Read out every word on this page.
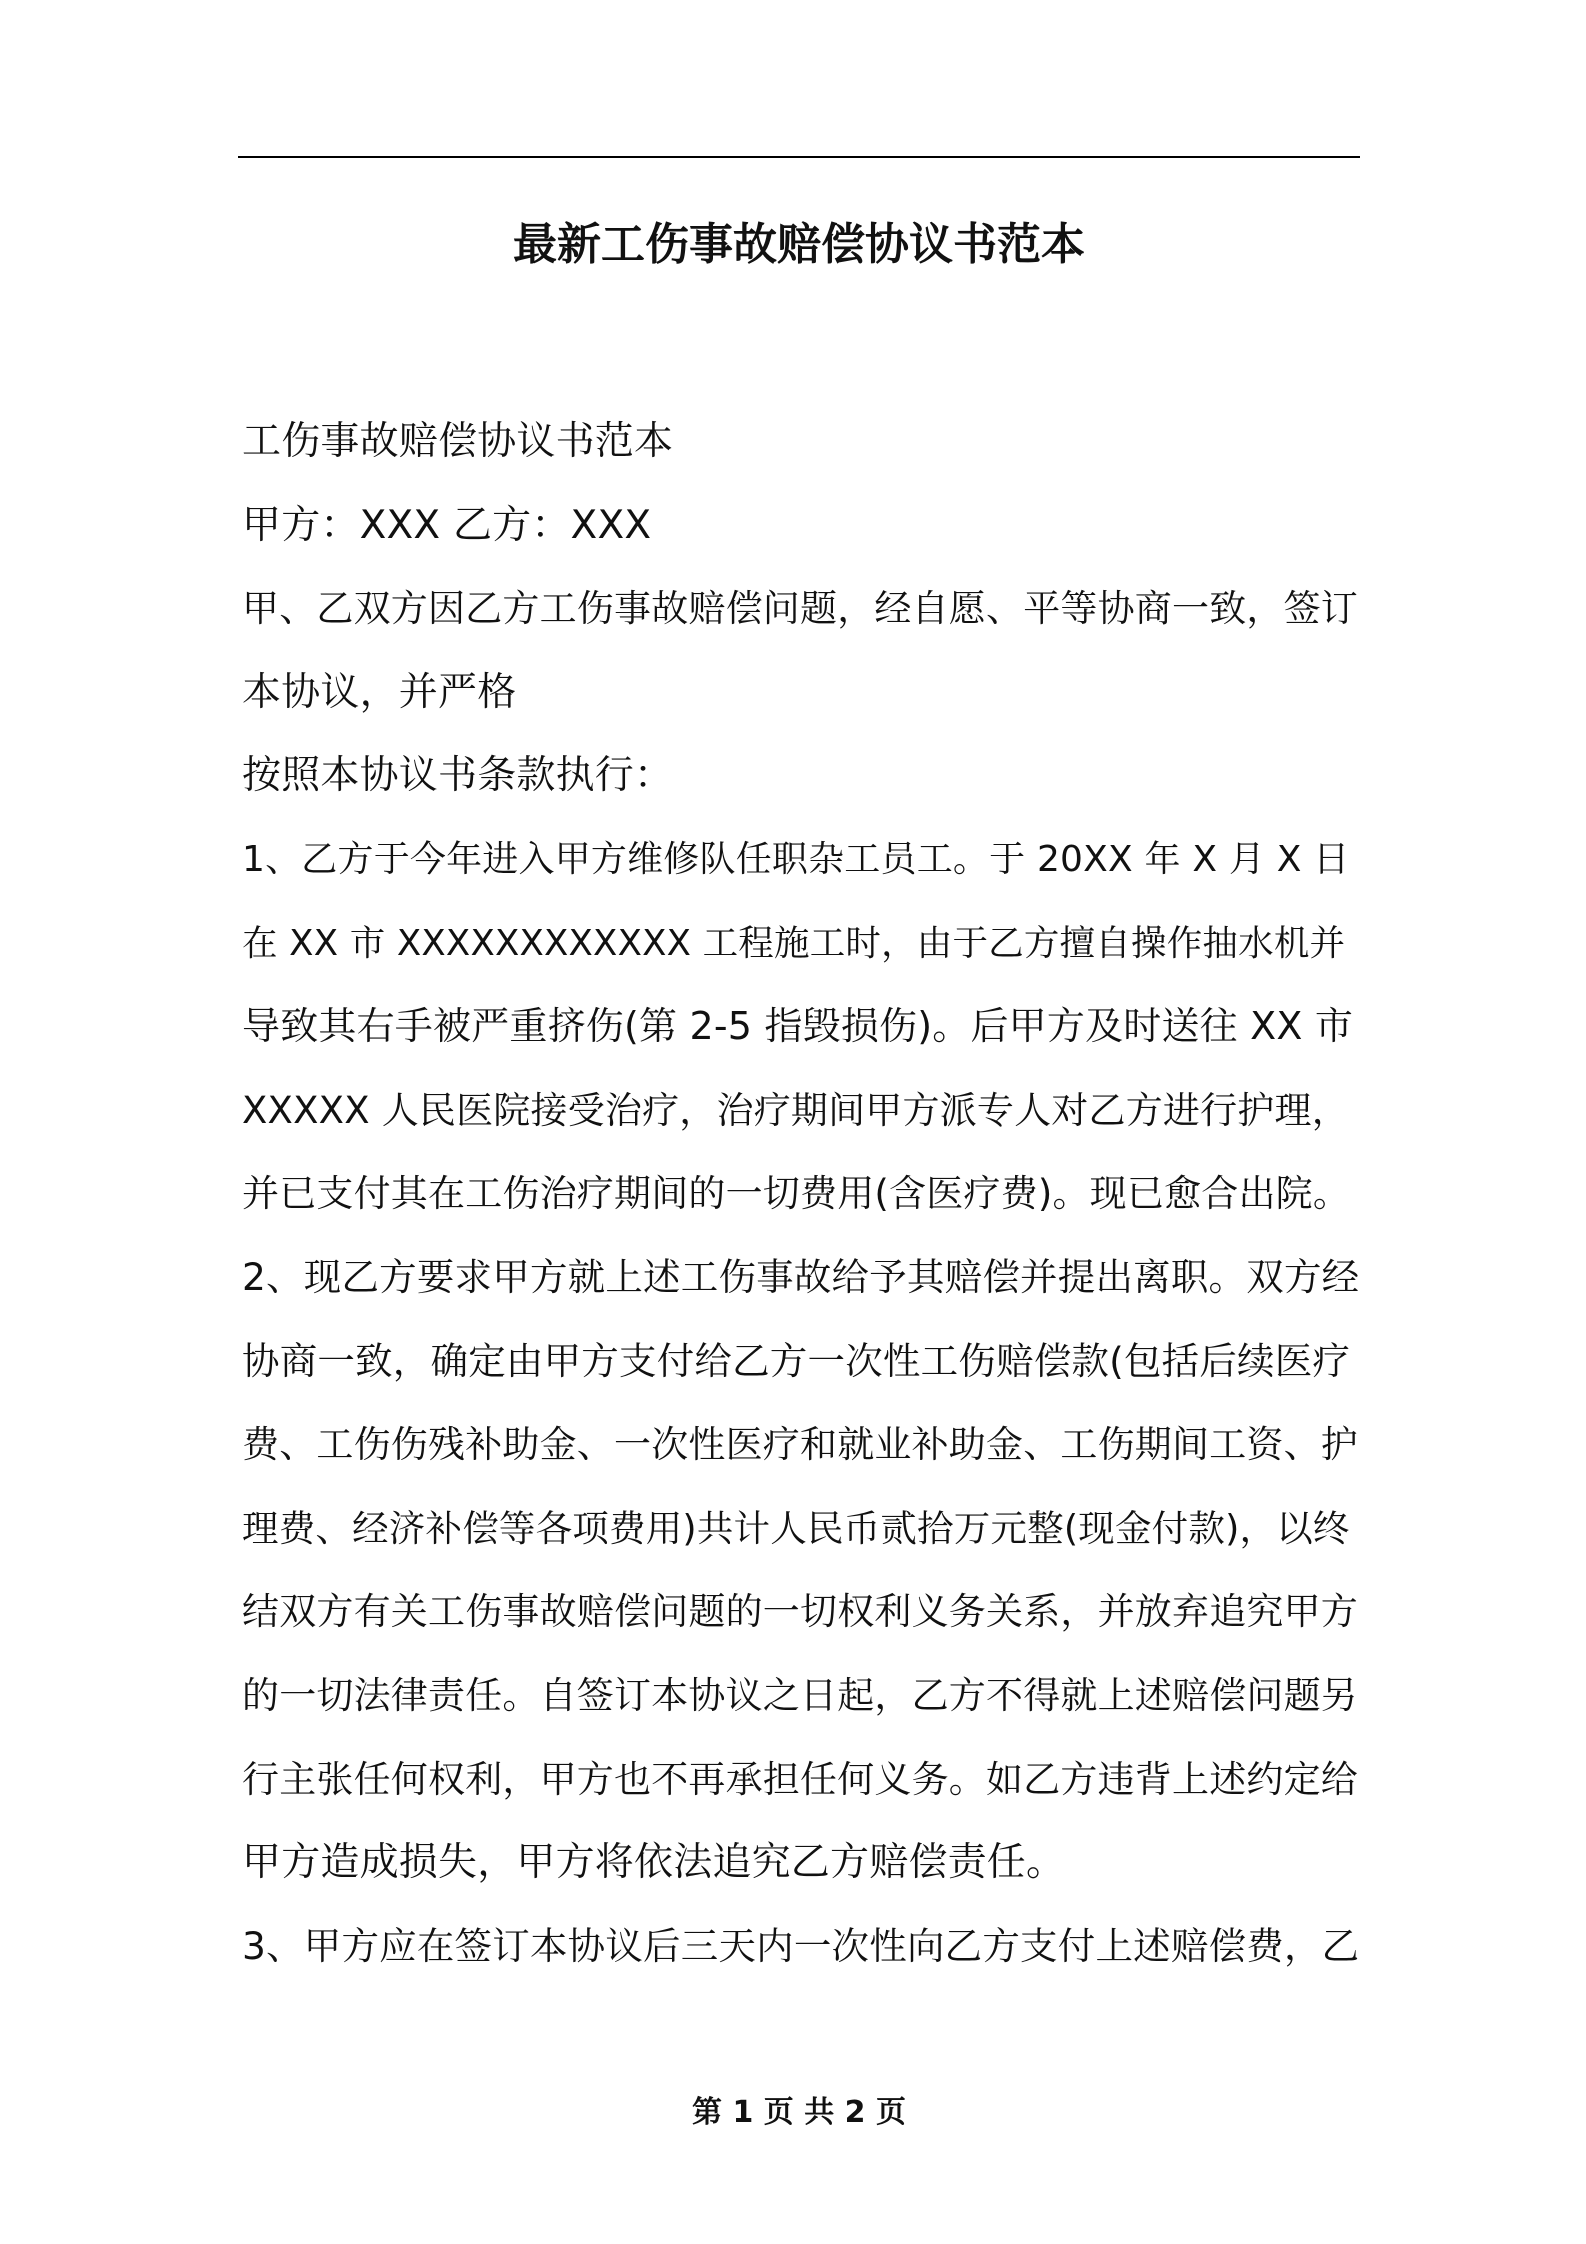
最新工伤事故赔偿协议书范本
工伤事故赔偿协议书范本
甲方：XXX 乙方：XXX
甲、乙双方因乙方工伤事故赔偿问题，经自愿、平等协商一致，签订
本协议，并严格
按照本协议书条款执行：
1、乙方于今年进入甲方维修队任职杂工员工。于 20XX 年 X 月 X 日
在 XX 市 XXXXXXXXXXXX 工程施工时，由于乙方擅自操作抽水机并
导致其右手被严重挤伤(第 2-5 指毁损伤)。后甲方及时送往 XX 市
XXXXX 人民医院接受治疗，治疗期间甲方派专人对乙方进行护理，
并已支付其在工伤治疗期间的一切费用(含医疗费)。现已愈合出院。
2、现乙方要求甲方就上述工伤事故给予其赔偿并提出离职。双方经
协商一致，确定由甲方支付给乙方一次性工伤赔偿款(包括后续医疗
费、工伤伤残补助金、一次性医疗和就业补助金、工伤期间工资、护
理费、经济补偿等各项费用)共计人民币贰拾万元整(现金付款)，以终
结双方有关工伤事故赔偿问题的一切权利义务关系，并放弃追究甲方
的一切法律责任。自签订本协议之日起，乙方不得就上述赔偿问题另
行主张任何权利，甲方也不再承担任何义务。如乙方违背上述约定给
甲方造成损失，甲方将依法追究乙方赔偿责任。
3、甲方应在签订本协议后三天内一次性向乙方支付上述赔偿费，乙
第 1 页 共 2 页
